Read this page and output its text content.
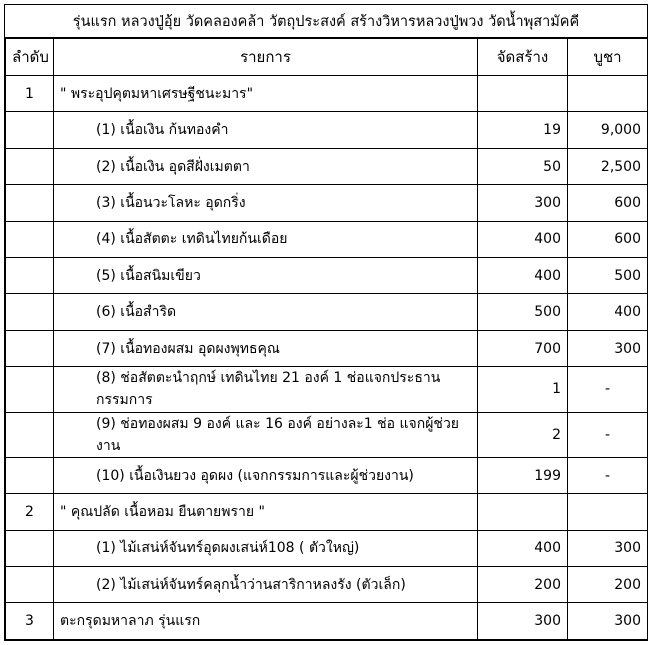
รุ่นแรก หลวงปู่อุ้ย วัดคลองคล้า วัตถุประสงค์ สร้างวิหารหลวงปู่พวง วัดน้ำพุสามัคคี
ลำดับ	รายการ	จัดสร้าง	บูชา
1	" พระอุปคุตมหาเศรษฐีชนะมาร"		
	(1) เนื้อเงิน ก้นทองคำ	19	9,000
	(2) เนื้อเงิน อุดสีฝั่งเมตตา	50	2,500
	(3) เนื้อนวะโลหะ อุดกริ่ง	300	600
	(4) เนื้อสัตตะ เทดินไทยก้นเดือย	400	600
	(5) เนื้อสนิมเขียว	400	500
	(6) เนื้อสำริด	500	400
	(7) เนื้อทองผสม อุดผงพุทธคุณ	700	300
	(8) ช่อสัตตะนำฤกษ์ เทดินไทย 21 องค์ 1 ช่อแจกประธานกรรมการ	1	-
	(9) ช่อทองผสม 9 องค์ และ 16 องค์ อย่างละ1 ช่อ แจกผู้ช่วยงาน	2	-
	(10) เนื้อเงินยวง อุดผง (แจกกรรมการและผู้ช่วยงาน)	199	-
2	" คุณปลัด เนื้อหอม ยืนตายพราย "		
	(1) ไม้เสน่ห์จันทร์อุดผงเสน่ห์108 ( ตัวใหญ่)	400	300
	(2) ไม้เสน่ห์จันทร์คลุกน้ำว่านสาริกาหลงรัง (ตัวเล็ก)	200	200
3	ตะกรุดมหาลาภ รุ่นแรก	300	300
